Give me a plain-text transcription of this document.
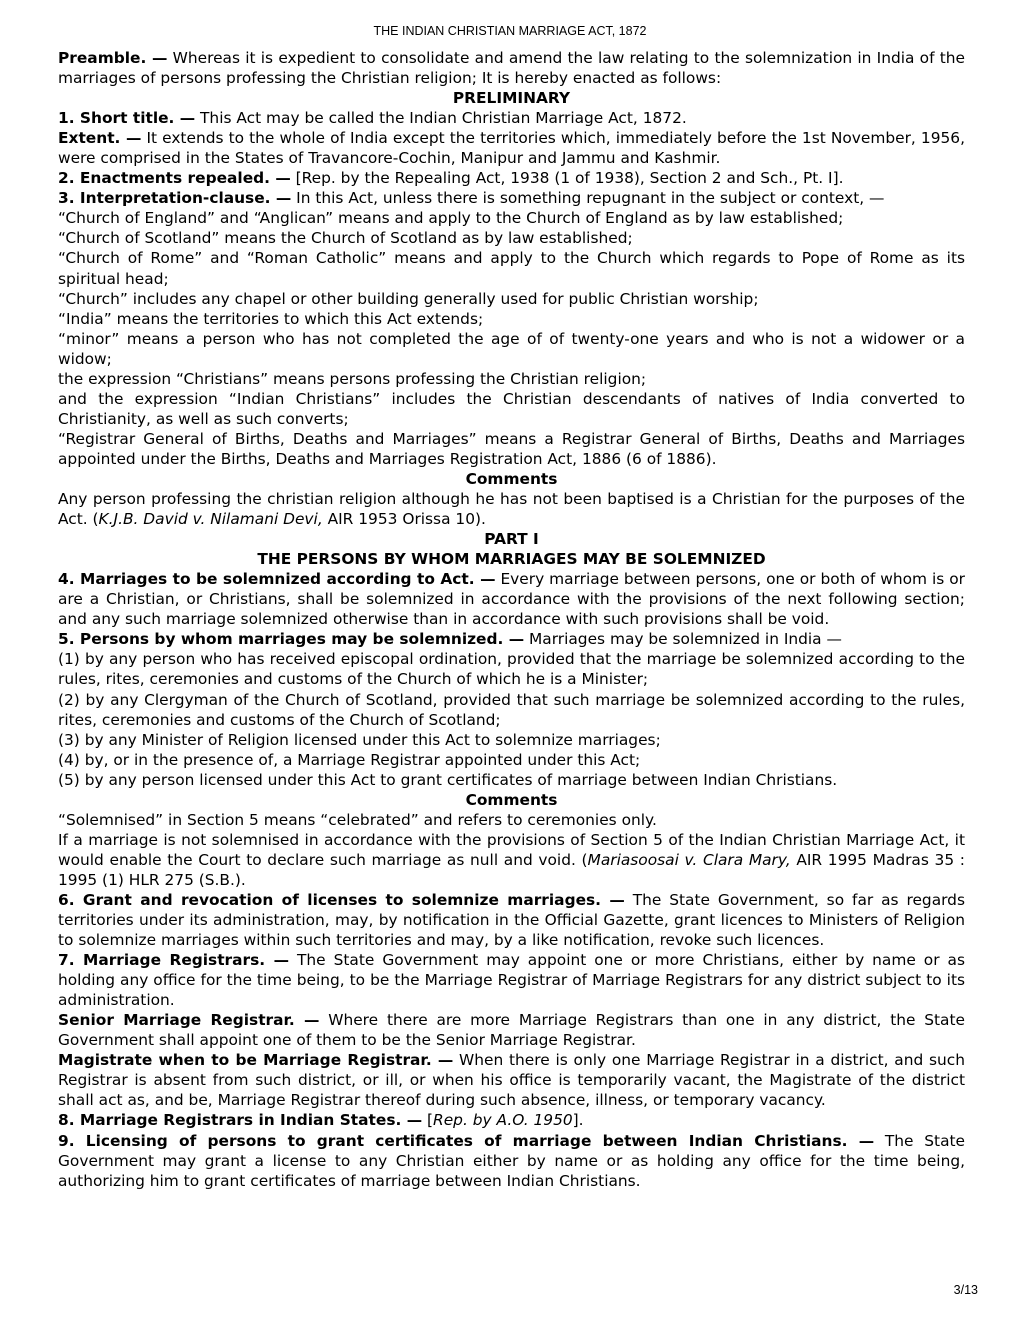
THE INDIAN CHRISTIAN MARRIAGE ACT, 1872

Preamble. — Whereas it is expedient to consolidate and amend the law relating to the solemnization in India of the marriages of persons professing the Christian religion; It is hereby enacted as follows:

PRELIMINARY

1. Short title. — This Act may be called the Indian Christian Marriage Act, 1872.

Extent. — It extends to the whole of India except the territories which, immediately before the 1st November, 1956, were comprised in the States of Travancore-Cochin, Manipur and Jammu and Kashmir.

2. Enactments repealed. — [Rep. by the Repealing Act, 1938 (1 of 1938), Section 2 and Sch., Pt. I].

3. Interpretation-clause. — In this Act, unless there is something repugnant in the subject or context, —

“Church of England” and “Anglican” means and apply to the Church of England as by law established;

“Church of Scotland” means the Church of Scotland as by law established;

“Church of Rome” and “Roman Catholic” means and apply to the Church which regards to Pope of Rome as its spiritual head;

“Church” includes any chapel or other building generally used for public Christian worship;

“India” means the territories to which this Act extends;

“minor” means a person who has not completed the age of of twenty-one years and who is not a widower or a widow;

the expression “Christians” means persons professing the Christian religion;

and the expression “Indian Christians” includes the Christian descendants of natives of India converted to Christianity, as well as such converts;

“Registrar General of Births, Deaths and Marriages” means a Registrar General of Births, Deaths and Marriages appointed under the Births, Deaths and Marriages Registration Act, 1886 (6 of 1886).

Comments

Any person professing the christian religion although he has not been baptised is a Christian for the purposes of the Act. (K.J.B. David v. Nilamani Devi, AIR 1953 Orissa 10).

PART I

THE PERSONS BY WHOM MARRIAGES MAY BE SOLEMNIZED

4. Marriages to be solemnized according to Act. — Every marriage between persons, one or both of whom is or are a Christian, or Christians, shall be solemnized in accordance with the provisions of the next following section; and any such marriage solemnized otherwise than in accordance with such provisions shall be void.

5. Persons by whom marriages may be solemnized. — Marriages may be solemnized in India —

(1) by any person who has received episcopal ordination, provided that the marriage be solemnized according to the rules, rites, ceremonies and customs of the Church of which he is a Minister;

(2) by any Clergyman of the Church of Scotland, provided that such marriage be solemnized according to the rules, rites, ceremonies and customs of the Church of Scotland;

(3) by any Minister of Religion licensed under this Act to solemnize marriages;

(4) by, or in the presence of, a Marriage Registrar appointed under this Act;

(5) by any person licensed under this Act to grant certificates of marriage between Indian Christians.

Comments

“Solemnised” in Section 5 means “celebrated” and refers to ceremonies only.

If a marriage is not solemnised in accordance with the provisions of Section 5 of the Indian Christian Marriage Act, it would enable the Court to declare such marriage as null and void. (Mariasoosai v. Clara Mary, AIR 1995 Madras 35 : 1995 (1) HLR 275 (S.B.).

6. Grant and revocation of licenses to solemnize marriages. — The State Government, so far as regards territories under its administration, may, by notification in the Official Gazette, grant licences to Ministers of Religion to solemnize marriages within such territories and may, by a like notification, revoke such licences.

7. Marriage Registrars. — The State Government may appoint one or more Christians, either by name or as holding any office for the time being, to be the Marriage Registrar of Marriage Registrars for any district subject to its administration.

Senior Marriage Registrar. — Where there are more Marriage Registrars than one in any district, the State Government shall appoint one of them to be the Senior Marriage Registrar.

Magistrate when to be Marriage Registrar. — When there is only one Marriage Registrar in a district, and such Registrar is absent from such district, or ill, or when his office is temporarily vacant, the Magistrate of the district shall act as, and be, Marriage Registrar thereof during such absence, illness, or temporary vacancy.

8. Marriage Registrars in Indian States. — [Rep. by A.O. 1950].

9. Licensing of persons to grant certificates of marriage between Indian Christians. — The State Government may grant a license to any Christian either by name or as holding any office for the time being, authorizing him to grant certificates of marriage between Indian Christians.

3/13
